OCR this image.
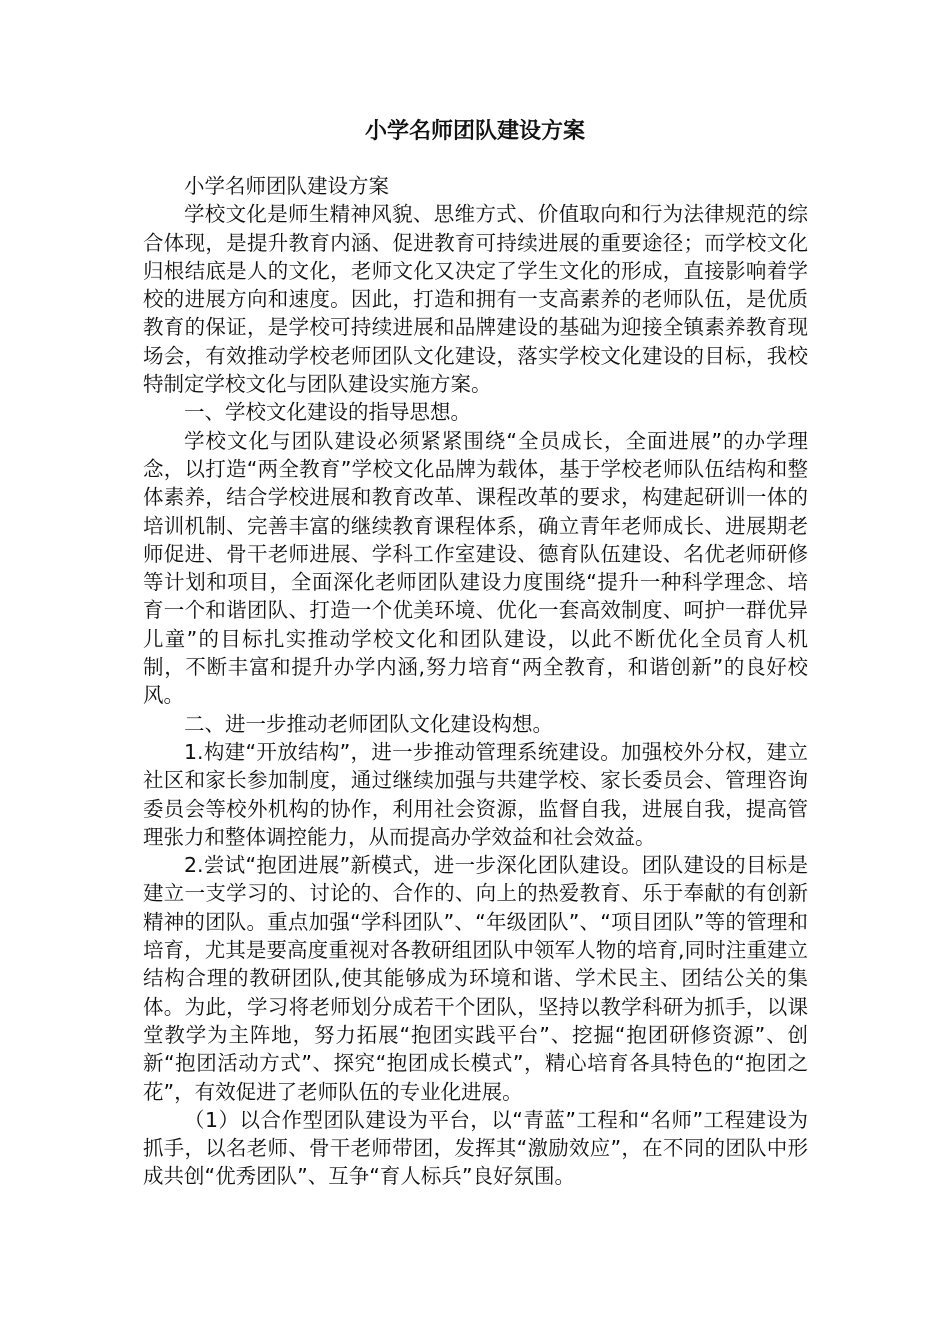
小学名师团队建设方案

小学名师团队建设方案

学校文化是师生精神风貌、思维方式、价值取向和行为法律规范的综合体现，是提升教育内涵、促进教育可持续进展的重要途径；而学校文化归根结底是人的文化，老师文化又决定了学生文化的形成，直接影响着学校的进展方向和速度。因此，打造和拥有一支高素养的老师队伍，是优质教育的保证，是学校可持续进展和品牌建设的基础为迎接全镇素养教育现场会，有效推动学校老师团队文化建设，落实学校文化建设的目标，我校特制定学校文化与团队建设实施方案。

一、学校文化建设的指导思想。

学校文化与团队建设必须紧紧围绕“全员成长，全面进展”的办学理念，以打造“两全教育”学校文化品牌为载体，基于学校老师队伍结构和整体素养，结合学校进展和教育改革、课程改革的要求，构建起研训一体的培训机制、完善丰富的继续教育课程体系，确立青年老师成长、进展期老师促进、骨干老师进展、学科工作室建设、德育队伍建设、名优老师研修等计划和项目，全面深化老师团队建设力度围绕“提升一种科学理念、培育一个和谐团队、打造一个优美环境、优化一套高效制度、呵护一群优异儿童”的目标扎实推动学校文化和团队建设，以此不断优化全员育人机制，不断丰富和提升办学内涵,努力培育“两全教育，和谐创新”的良好校风。

二、进一步推动老师团队文化建设构想。

1.构建“开放结构”，进一步推动管理系统建设。加强校外分权，建立社区和家长参加制度，通过继续加强与共建学校、家长委员会、管理咨询委员会等校外机构的协作，利用社会资源，监督自我，进展自我，提高管理张力和整体调控能力，从而提高办学效益和社会效益。

2.尝试“抱团进展”新模式，进一步深化团队建设。团队建设的目标是建立一支学习的、讨论的、合作的、向上的热爱教育、乐于奉献的有创新精神的团队。重点加强“学科团队”、“年级团队”、“项目团队”等的管理和培育，尤其是要高度重视对各教研组团队中领军人物的培育,同时注重建立结构合理的教研团队,使其能够成为环境和谐、学术民主、团结公关的集体。为此，学习将老师划分成若干个团队，坚持以教学科研为抓手，以课堂教学为主阵地，努力拓展“抱团实践平台”、挖掘“抱团研修资源”、创新“抱团活动方式”、探究“抱团成长模式”，精心培育各具特色的“抱团之花”，有效促进了老师队伍的专业化进展。

（1）以合作型团队建设为平台，以“青蓝”工程和“名师”工程建设为抓手，以名老师、骨干老师带团，发挥其“激励效应”，在不同的团队中形成共创“优秀团队”、互争“育人标兵”良好氛围。
